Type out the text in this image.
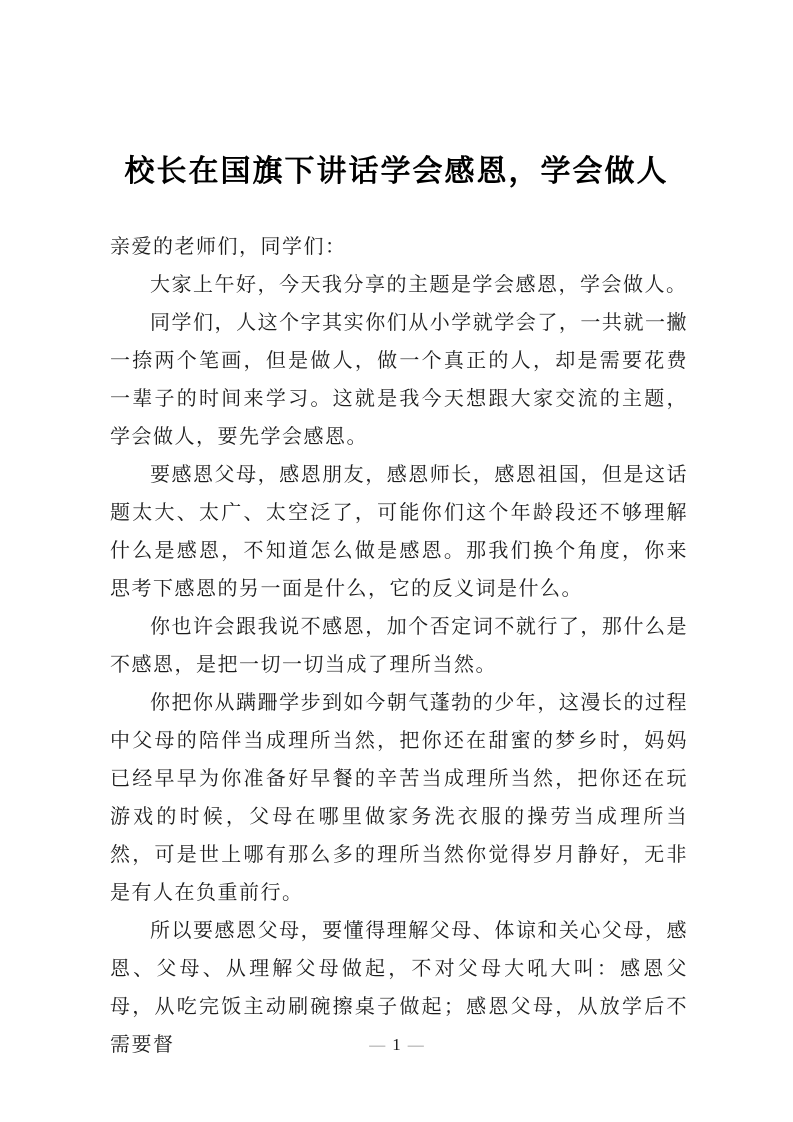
校长在国旗下讲话学会感恩，学会做人

亲爱的老师们，同学们：

大家上午好，今天我分享的主题是学会感恩，学会做人。

同学们，人这个字其实你们从小学就学会了，一共就一撇一捺两个笔画，但是做人，做一个真正的人，却是需要花费一辈子的时间来学习。这就是我今天想跟大家交流的主题，学会做人，要先学会感恩。

要感恩父母，感恩朋友，感恩师长，感恩祖国，但是这话题太大、太广、太空泛了，可能你们这个年龄段还不够理解什么是感恩，不知道怎么做是感恩。那我们换个角度，你来思考下感恩的另一面是什么，它的反义词是什么。

你也许会跟我说不感恩，加个否定词不就行了，那什么是不感恩，是把一切一切当成了理所当然。

你把你从蹒跚学步到如今朝气蓬勃的少年，这漫长的过程中父母的陪伴当成理所当然，把你还在甜蜜的梦乡时，妈妈已经早早为你准备好早餐的辛苦当成理所当然，把你还在玩游戏的时候，父母在哪里做家务洗衣服的操劳当成理所当然，可是世上哪有那么多的理所当然你觉得岁月静好，无非是有人在负重前行。

所以要感恩父母，要懂得理解父母、体谅和关心父母，感恩、父母、从理解父母做起，不对父母大吼大叫：感恩父母，从吃完饭主动刷碗擦桌子做起；感恩父母，从放学后不需要督	— 1 —
